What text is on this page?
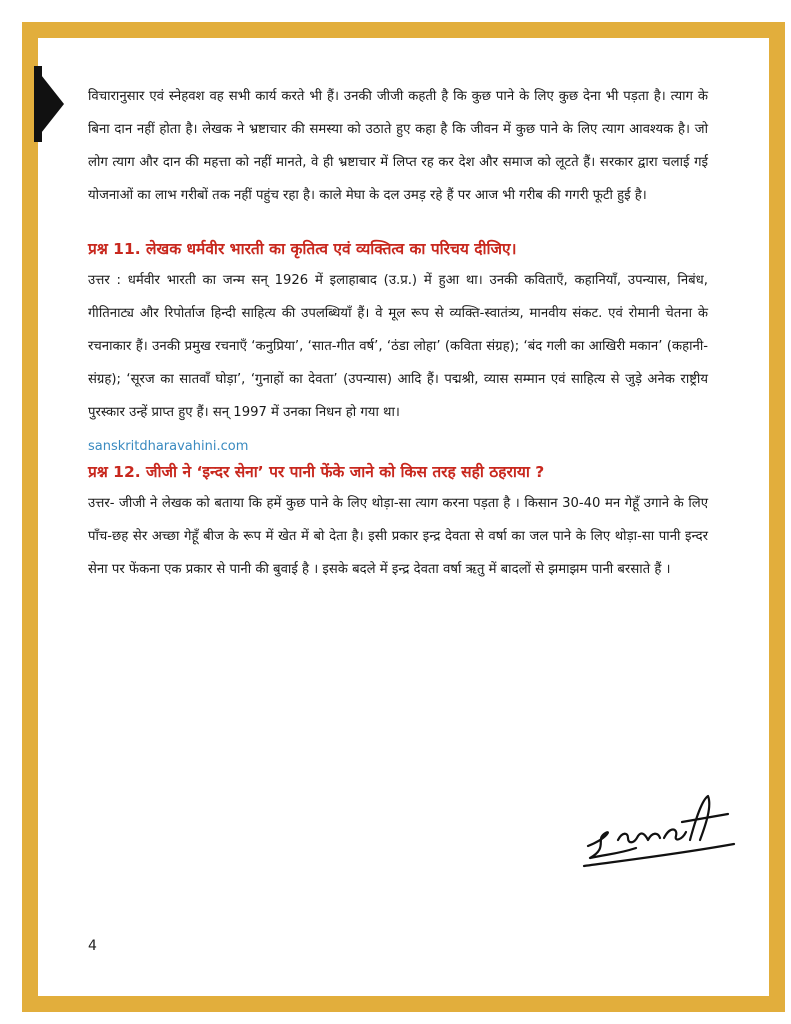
विचारानुसार एवं स्नेहवश वह सभी कार्य करते भी हैं। उनकी जीजी कहती है कि कुछ पाने के लिए कुछ देना भी पड़ता है। त्याग के बिना दान नहीं होता है। लेखक ने भ्रष्टाचार की समस्या को उठाते हुए कहा है कि जीवन में कुछ पाने के लिए त्याग आवश्यक है। जो लोग त्याग और दान की महत्ता को नहीं मानते, वे ही भ्रष्टाचार में लिप्त रह कर देश और समाज को लूटते हैं। सरकार द्वारा चलाई गई योजनाओं का लाभ गरीबों तक नहीं पहुंच रहा है। काले मेघा के दल उमड़ रहे हैं पर आज भी गरीब की गगरी फूटी हुई है।

प्रश्न 11. लेखक धर्मवीर भारती का कृतित्व एवं व्यक्तित्व का परिचय दीजिए।

उत्तर : धर्मवीर भारती का जन्म सन् 1926 में इलाहाबाद (उ.प्र.) में हुआ था। उनकी कविताएँ, कहानियाँ, उपन्यास, निबंध, गीतिनाट्य और रिपोर्ताज हिन्दी साहित्य की उपलब्धियाँ हैं। वे मूल रूप से व्यक्ति-स्वातंत्र्य, मानवीय संकट. एवं रोमानी चेतना के रचनाकार हैं। उनकी प्रमुख रचनाएँ ‘कनुप्रिया’, ‘सात-गीत वर्ष’, ‘ठंडा लोहा’ (कविता संग्रह); ‘बंद गली का आखिरी मकान’ (कहानी-संग्रह); ‘सूरज का सातवाँ घोड़ा’, ‘गुनाहों का देवता’ (उपन्यास) आदि हैं। पद्मश्री, व्यास सम्मान एवं साहित्य से जुड़े अनेक राष्ट्रीय पुरस्कार उन्हें प्राप्त हुए हैं। सन् 1997 में उनका निधन हो गया था।

sanskritdharavahini.com

प्रश्न 12. जीजी ने ‘इन्दर सेना’ पर पानी फेंके जाने को किस तरह सही ठहराया ?

उत्तर- जीजी ने लेखक को बताया कि हमें कुछ पाने के लिए थोड़ा-सा त्याग करना पड़ता है । किसान 30-40 मन गेहूँ उगाने के लिए पाँच-छह सेर अच्छा गेहूँ बीज के रूप में खेत में बो देता है। इसी प्रकार इन्द्र देवता से वर्षा का जल पाने के लिए थोड़ा-सा पानी इन्दर सेना पर फेंकना एक प्रकार से पानी की बुवाई है । इसके बदले में इन्द्र देवता वर्षा ऋतु में बादलों से झमाझम पानी बरसाते हैं ।

4
